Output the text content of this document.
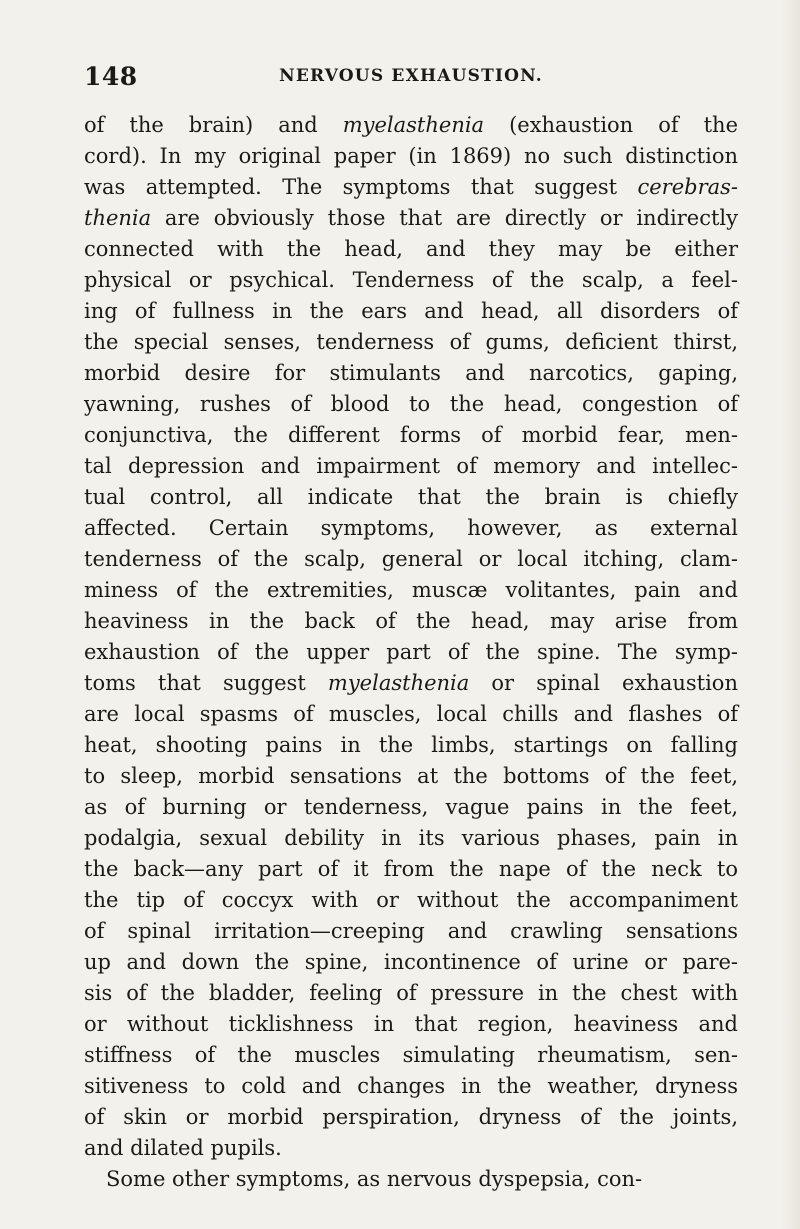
148	NERVOUS EXHAUSTION.
of the brain) and myelasthenia (exhaustion of the
cord). In my original paper (in 1869) no such distinction
was attempted. The symptoms that suggest cerebras-
thenia are obviously those that are directly or indirectly
connected with the head, and they may be either
physical or psychical. Tenderness of the scalp, a feel-
ing of fullness in the ears and head, all disorders of
the special senses, tenderness of gums, deficient thirst,
morbid desire for stimulants and narcotics, gaping,
yawning, rushes of blood to the head, congestion of
conjunctiva, the different forms of morbid fear, men-
tal depression and impairment of memory and intellec-
tual control, all indicate that the brain is chiefly
affected. Certain symptoms, however, as external
tenderness of the scalp, general or local itching, clam-
miness of the extremities, muscæ volitantes, pain and
heaviness in the back of the head, may arise from
exhaustion of the upper part of the spine. The symp-
toms that suggest myelasthenia or spinal exhaustion
are local spasms of muscles, local chills and flashes of
heat, shooting pains in the limbs, startings on falling
to sleep, morbid sensations at the bottoms of the feet,
as of burning or tenderness, vague pains in the feet,
podalgia, sexual debility in its various phases, pain in
the back—any part of it from the nape of the neck to
the tip of coccyx with or without the accompaniment
of spinal irritation—creeping and crawling sensations
up and down the spine, incontinence of urine or pare-
sis of the bladder, feeling of pressure in the chest with
or without ticklishness in that region, heaviness and
stiffness of the muscles simulating rheumatism, sen-
sitiveness to cold and changes in the weather, dryness
of skin or morbid perspiration, dryness of the joints,
and dilated pupils.
Some other symptoms, as nervous dyspepsia, con-
